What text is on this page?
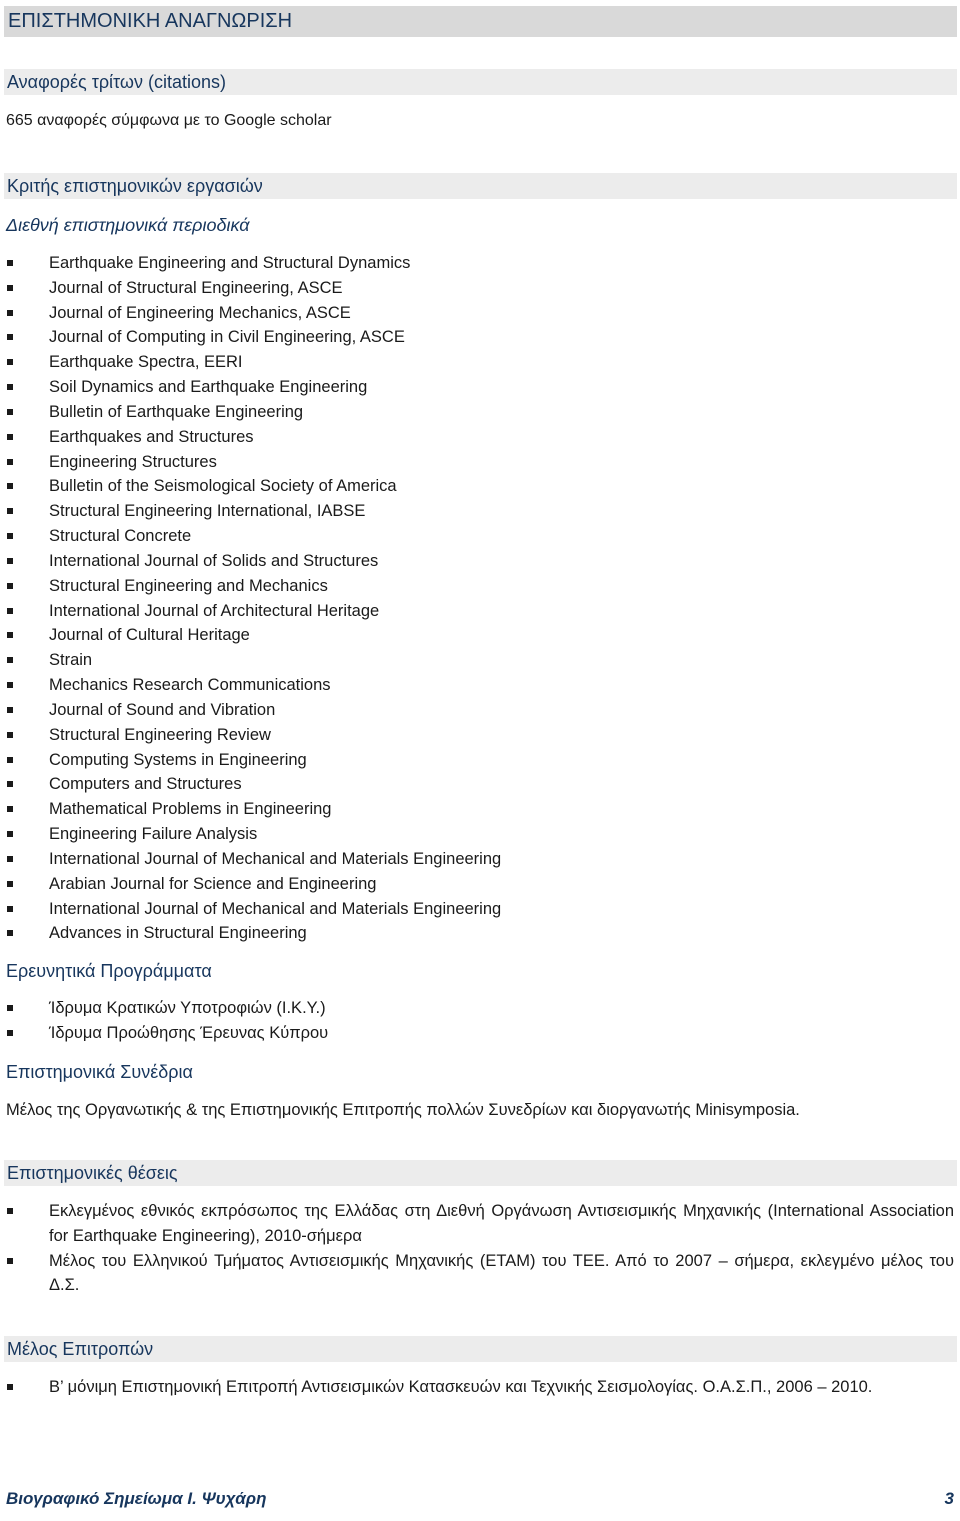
ΕΠΙΣΤΗΜΟΝΙΚΗ ΑΝΑΓΝΩΡΙΣΗ
Αναφορές τρίτων (citations)
665 αναφορές σύμφωνα με το Google scholar
Κριτής επιστημονικών εργασιών
Διεθνή επιστημονικά περιοδικά
Earthquake Engineering and Structural Dynamics
Journal of Structural Engineering, ASCE
Journal of Engineering Mechanics, ASCE
Journal of Computing in Civil Engineering, ASCE
Earthquake Spectra, EERI
Soil Dynamics and Earthquake Engineering
Bulletin of Earthquake Engineering
Earthquakes and Structures
Engineering Structures
Bulletin of the Seismological Society of America
Structural Engineering International, IABSE
Structural Concrete
International Journal of Solids and Structures
Structural Engineering and Mechanics
International Journal of Architectural Heritage
Journal of Cultural Heritage
Strain
Mechanics Research Communications
Journal of Sound and Vibration
Structural Engineering Review
Computing Systems in Engineering
Computers and Structures
Mathematical Problems in Engineering
Engineering Failure Analysis
International Journal of Mechanical and Materials Engineering
Arabian Journal for Science and Engineering
International Journal of Mechanical and Materials Engineering
Advances in Structural Engineering
Ερευνητικά Προγράμματα
Ίδρυμα Κρατικών Υποτροφιών (Ι.Κ.Υ.)
Ίδρυμα Προώθησης Έρευνας Κύπρου
Επιστημονικά Συνέδρια
Μέλος της Οργανωτικής & της Επιστημονικής Επιτροπής πολλών Συνεδρίων και διοργανωτής Minisymposia.
Επιστημονικές θέσεις
Εκλεγμένος εθνικός εκπρόσωπος της Ελλάδας στη Διεθνή Οργάνωση Αντισεισμικής Μηχανικής (International Association for Earthquake Engineering), 2010-σήμερα
Μέλος του Ελληνικού Τμήματος Αντισεισμικής Μηχανικής (ΕΤΑΜ) του ΤΕΕ. Από το 2007 – σήμερα, εκλεγμένο μέλος του Δ.Σ.
Μέλος Επιτροπών
Β’ μόνιμη Επιστημονική Επιτροπή Αντισεισμικών Κατασκευών και Τεχνικής Σεισμολογίας. Ο.Α.Σ.Π., 2006 – 2010.
Βιογραφικό Σημείωμα Ι. Ψυχάρη	3
